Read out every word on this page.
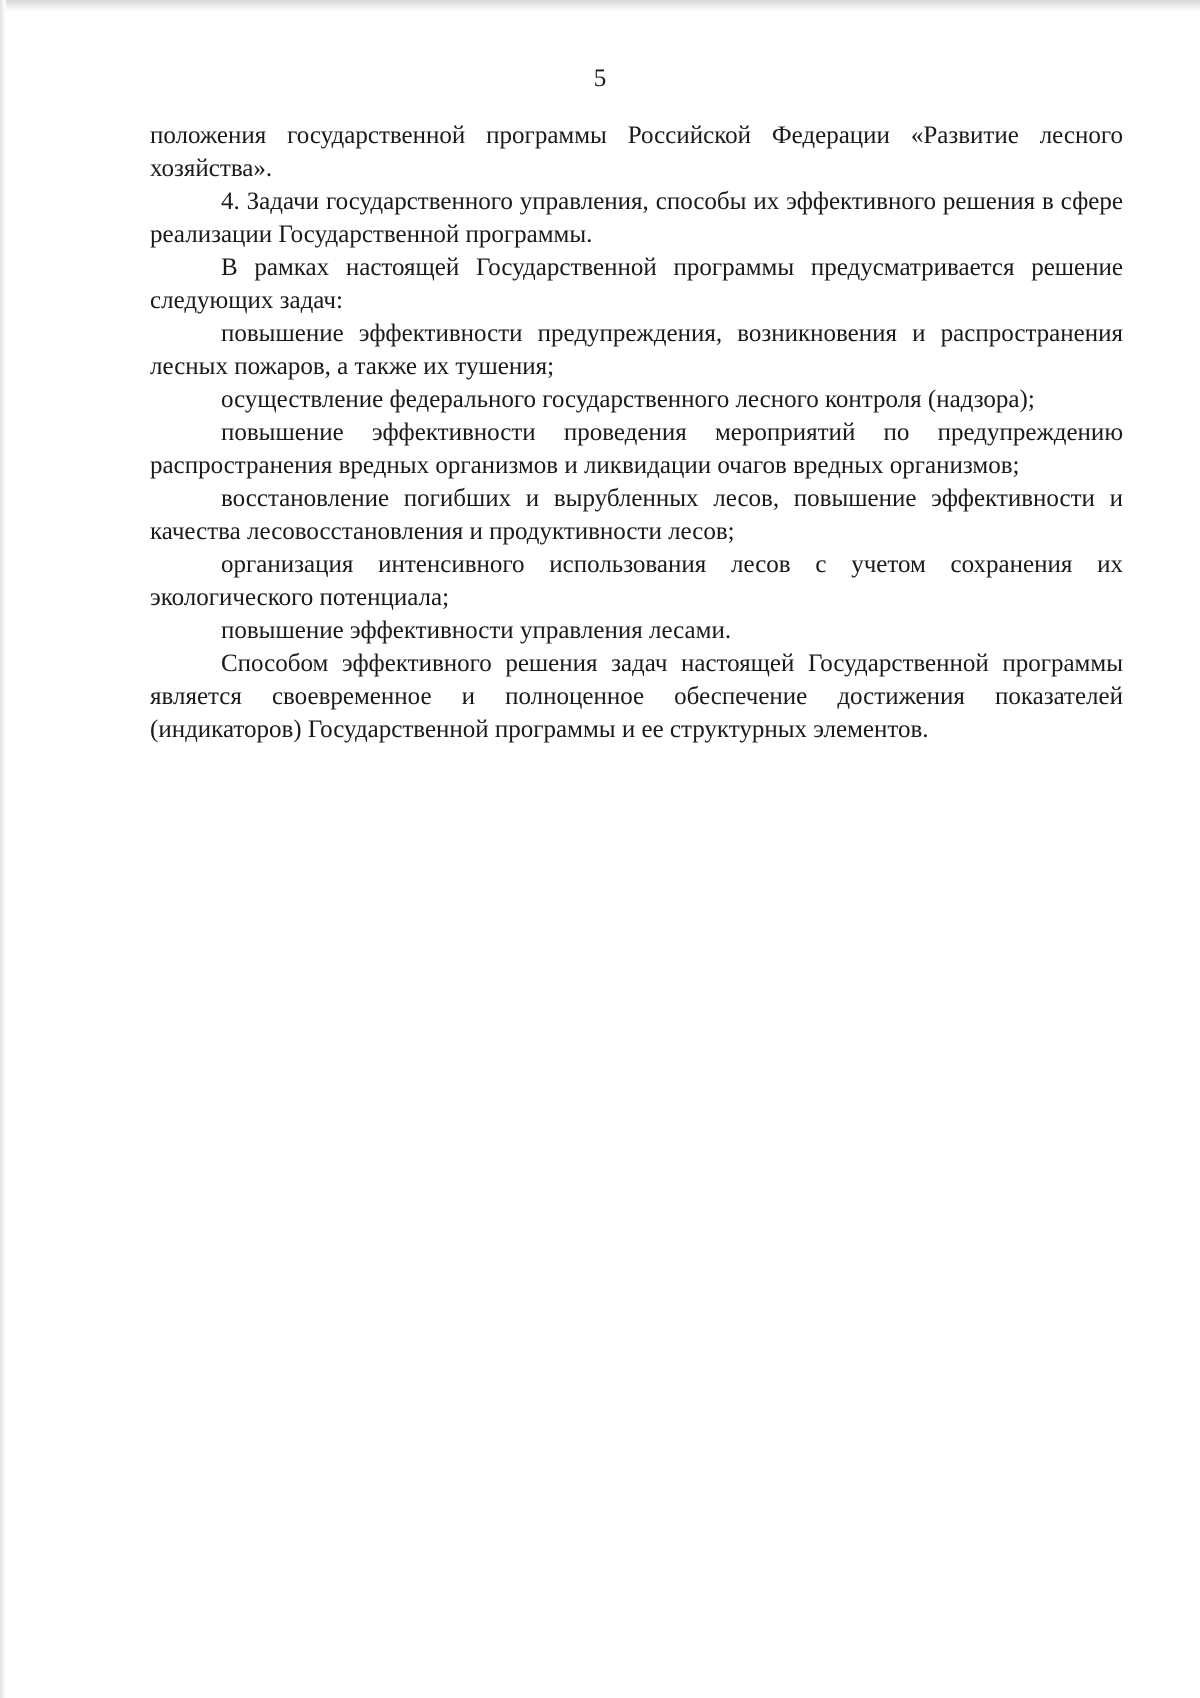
5

положения государственной программы Российской Федерации «Развитие лесного хозяйства».

4. Задачи государственного управления, способы их эффективного решения в сфере реализации Государственной программы.

В рамках настоящей Государственной программы предусматривается решение следующих задач:

повышение эффективности предупреждения, возникновения и распространения лесных пожаров, а также их тушения;

осуществление федерального государственного лесного контроля (надзора);

повышение эффективности проведения мероприятий по предупреждению распространения вредных организмов и ликвидации очагов вредных организмов;

восстановление погибших и вырубленных лесов, повышение эффективности и качества лесовосстановления и продуктивности лесов;

организация интенсивного использования лесов с учетом сохранения их экологического потенциала;

повышение эффективности управления лесами.

Способом эффективного решения задач настоящей Государственной программы является своевременное и полноценное обеспечение достижения показателей (индикаторов) Государственной программы и ее структурных элементов.
